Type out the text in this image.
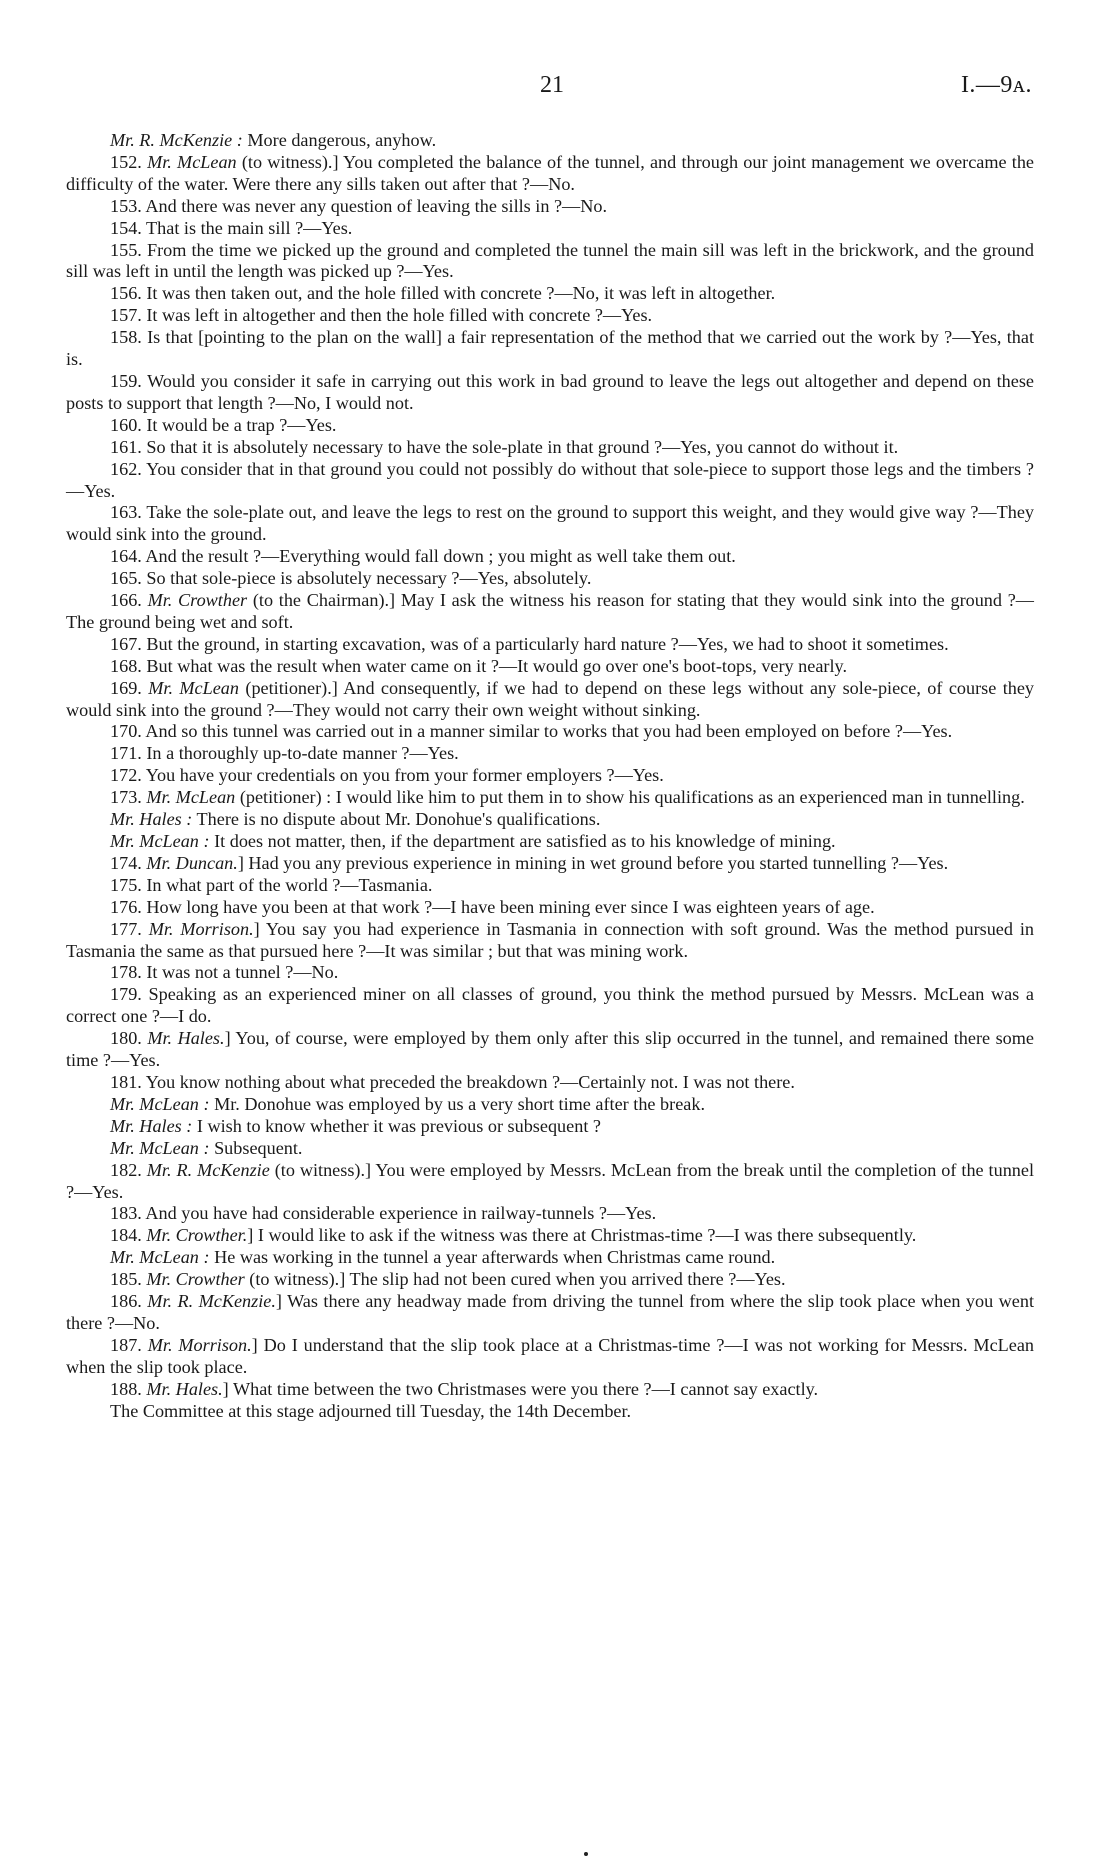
21	I.—9ᴀ.

Mr. R. McKenzie : More dangerous, anyhow.

152. Mr. McLean (to witness).] You completed the balance of the tunnel, and through our joint management we overcame the difficulty of the water. Were there any sills taken out after that ?—No.

153. And there was never any question of leaving the sills in ?—No.

154. That is the main sill ?—Yes.

155. From the time we picked up the ground and completed the tunnel the main sill was left in the brickwork, and the ground sill was left in until the length was picked up ?—Yes.

156. It was then taken out, and the hole filled with concrete ?—No, it was left in altogether.

157. It was left in altogether and then the hole filled with concrete ?—Yes.

158. Is that [pointing to the plan on the wall] a fair representation of the method that we carried out the work by ?—Yes, that is.

159. Would you consider it safe in carrying out this work in bad ground to leave the legs out altogether and depend on these posts to support that length ?—No, I would not.

160. It would be a trap ?—Yes.

161. So that it is absolutely necessary to have the sole-plate in that ground ?—Yes, you cannot do without it.

162. You consider that in that ground you could not possibly do without that sole-piece to support those legs and the timbers ?—Yes.

163. Take the sole-plate out, and leave the legs to rest on the ground to support this weight, and they would give way ?—They would sink into the ground.

164. And the result ?—Everything would fall down ; you might as well take them out.

165. So that sole-piece is absolutely necessary ?—Yes, absolutely.

166. Mr. Crowther (to the Chairman).] May I ask the witness his reason for stating that they would sink into the ground ?—The ground being wet and soft.

167. But the ground, in starting excavation, was of a particularly hard nature ?—Yes, we had to shoot it sometimes.

168. But what was the result when water came on it ?—It would go over one's boot-tops, very nearly.

169. Mr. McLean (petitioner).] And consequently, if we had to depend on these legs without any sole-piece, of course they would sink into the ground ?—They would not carry their own weight without sinking.

170. And so this tunnel was carried out in a manner similar to works that you had been employed on before ?—Yes.

171. In a thoroughly up-to-date manner ?—Yes.

172. You have your credentials on you from your former employers ?—Yes.

173. Mr. McLean (petitioner) : I would like him to put them in to show his qualifications as an experienced man in tunnelling.

Mr. Hales : There is no dispute about Mr. Donohue's qualifications.

Mr. McLean : It does not matter, then, if the department are satisfied as to his knowledge of mining.

174. Mr. Duncan.] Had you any previous experience in mining in wet ground before you started tunnelling ?—Yes.

175. In what part of the world ?—Tasmania.

176. How long have you been at that work ?—I have been mining ever since I was eighteen years of age.

177. Mr. Morrison.] You say you had experience in Tasmania in connection with soft ground. Was the method pursued in Tasmania the same as that pursued here ?—It was similar ; but that was mining work.

178. It was not a tunnel ?—No.

179. Speaking as an experienced miner on all classes of ground, you think the method pursued by Messrs. McLean was a correct one ?—I do.

180. Mr. Hales.] You, of course, were employed by them only after this slip occurred in the tunnel, and remained there some time ?—Yes.

181. You know nothing about what preceded the breakdown ?—Certainly not. I was not there.

Mr. McLean : Mr. Donohue was employed by us a very short time after the break.

Mr. Hales : I wish to know whether it was previous or subsequent ?

Mr. McLean : Subsequent.

182. Mr. R. McKenzie (to witness).] You were employed by Messrs. McLean from the break until the completion of the tunnel ?—Yes.

183. And you have had considerable experience in railway-tunnels ?—Yes.

184. Mr. Crowther.] I would like to ask if the witness was there at Christmas-time ?—I was there subsequently.

Mr. McLean : He was working in the tunnel a year afterwards when Christmas came round.

185. Mr. Crowther (to witness).] The slip had not been cured when you arrived there ?—Yes.

186. Mr. R. McKenzie.] Was there any headway made from driving the tunnel from where the slip took place when you went there ?—No.

187. Mr. Morrison.] Do I understand that the slip took place at a Christmas-time ?—I was not working for Messrs. McLean when the slip took place.

188. Mr. Hales.] What time between the two Christmases were you there ?—I cannot say exactly.

The Committee at this stage adjourned till Tuesday, the 14th December.
